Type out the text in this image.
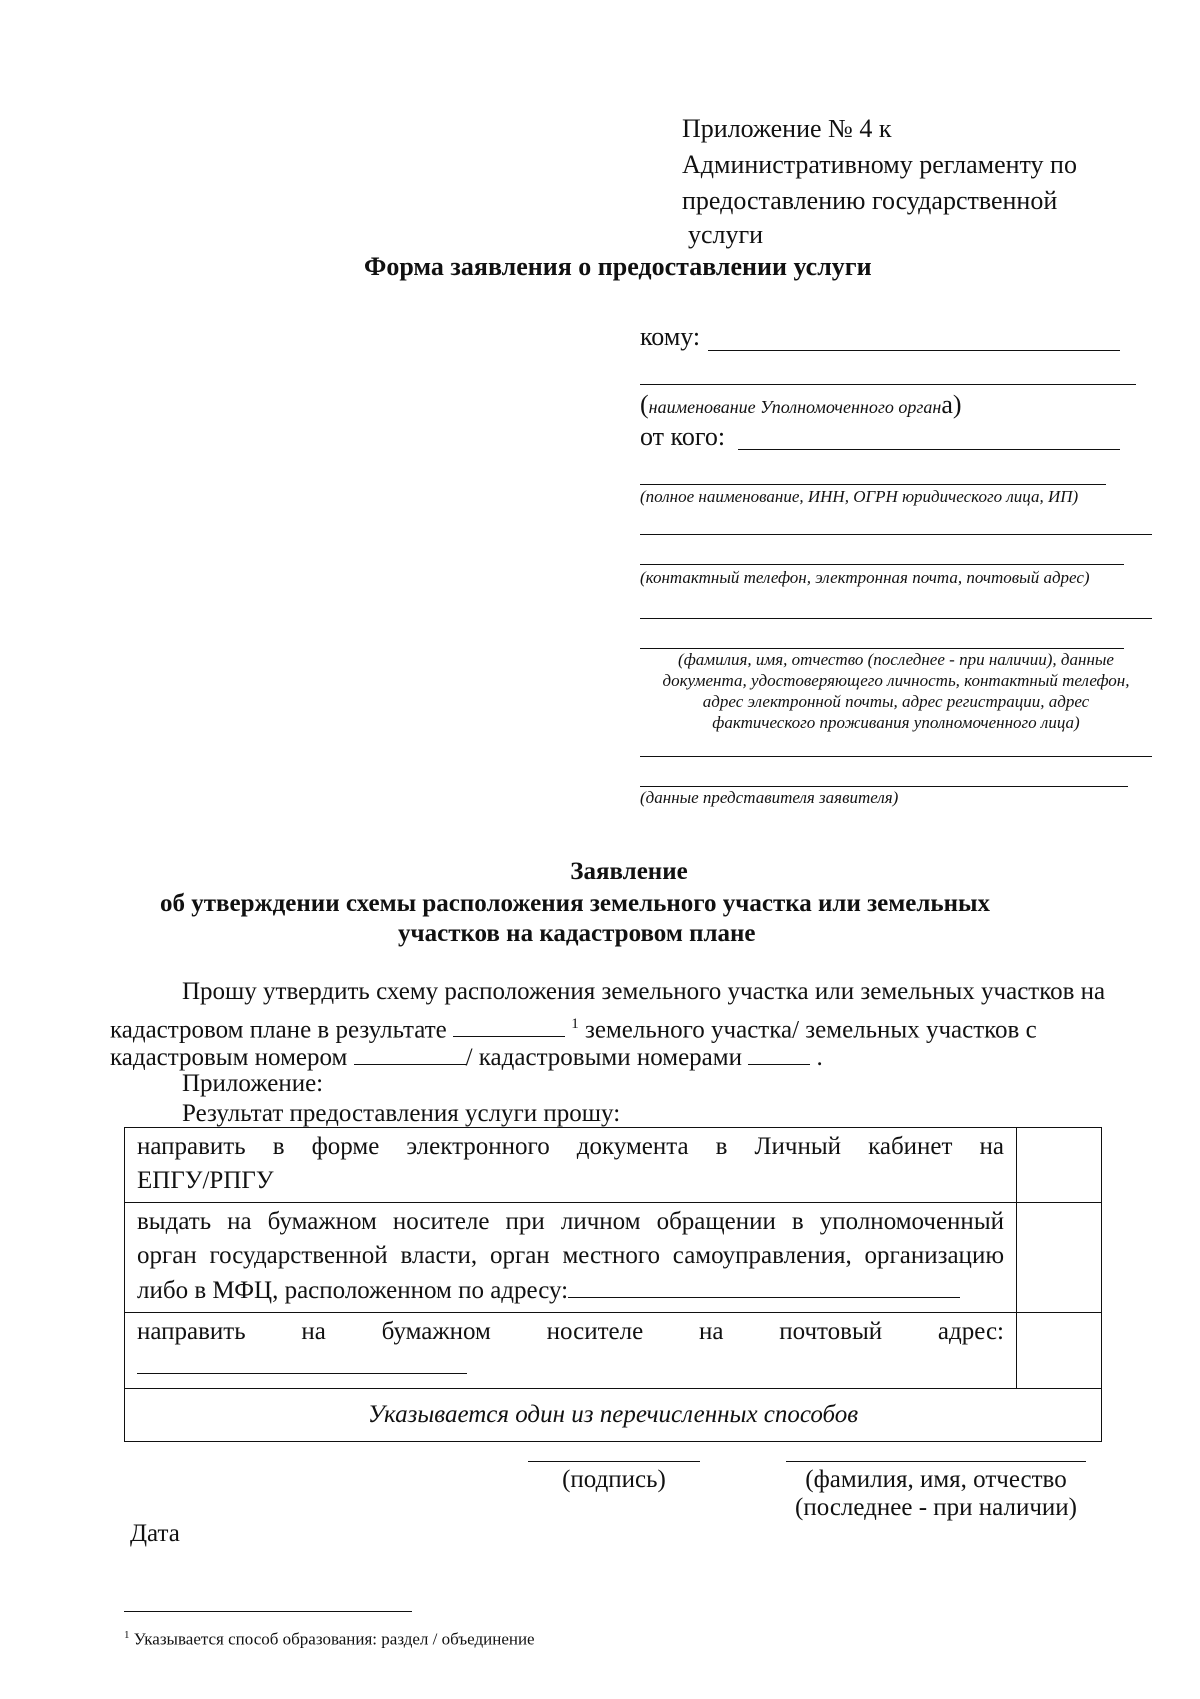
Приложение № 4 к
Административному регламенту по
предоставлению государственной
услуги
Форма заявления о предоставлении услуги
кому:
(наименование Уполномоченного органа)
от кого:
(полное наименование, ИНН, ОГРН юридического лица, ИП)
(контактный телефон, электронная почта, почтовый адрес)
(фамилия, имя, отчество (последнее - при наличии), данные
документа, удостоверяющего личность, контактный телефон,
адрес электронной почты, адрес регистрации, адрес
фактического проживания уполномоченного лица)
(данные представителя заявителя)
Заявление
об утверждении схемы расположения земельного участка или земельных
участков на кадастровом плане
Прошу утвердить схему расположения земельного участка или земельных участков на
кадастровом плане в результате	$^1$ земельного участка/ земельных участков с
кадастровым номером	/ кадастровыми номерами	.
Приложение:
Результат предоставления услуги прошу:
направить в форме электронного документа в Личный кабинет на
ЕПГУ/РПГУ	

выдать на бумажном носителе при личном обращении в уполномоченный
орган государственной власти, орган местного самоуправления, организацию
либо в МФЦ, расположенном по адресу:	

направить на бумажном носителе на почтовый адрес:	

Указывается один из перечисленных способов	
(подпись)	(фамилия, имя, отчество
(последнее - при наличии)
Дата
$^1$ Указывается способ образования: раздел / объединение
